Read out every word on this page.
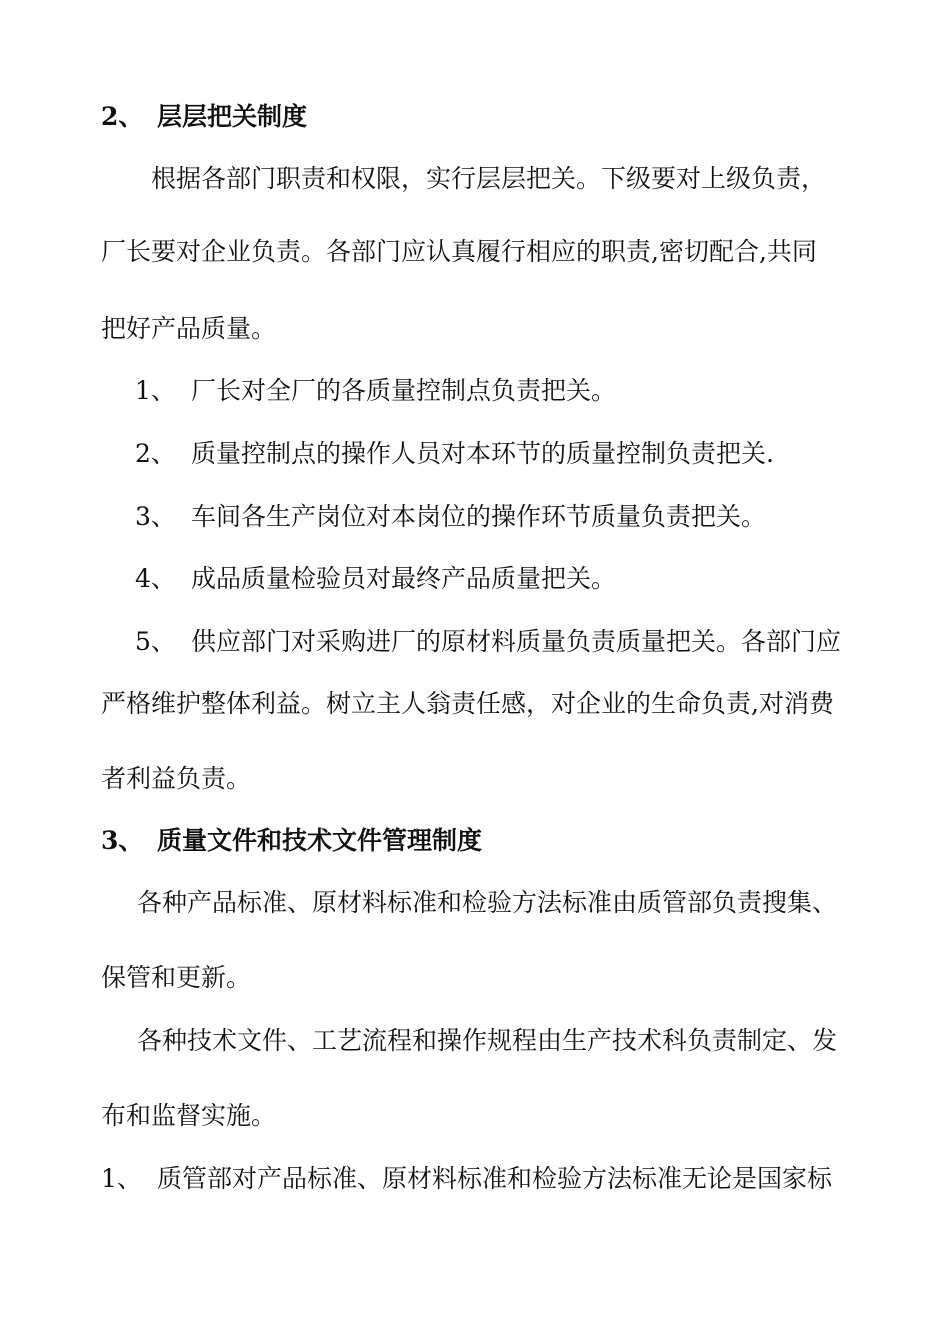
2、 层层把关制度
根据各部门职责和权限，实行层层把关。下级要对上级负责，
厂长要对企业负责。各部门应认真履行相应的职责,密切配合,共同
把好产品质量。
1、 厂长对全厂的各质量控制点负责把关。
2、 质量控制点的操作人员对本环节的质量控制负责把关.
3、 车间各生产岗位对本岗位的操作环节质量负责把关。
4、 成品质量检验员对最终产品质量把关。
5、 供应部门对采购进厂的原材料质量负责质量把关。各部门应
严格维护整体利益。树立主人翁责任感，对企业的生命负责,对消费
者利益负责。
3、 质量文件和技术文件管理制度
各种产品标准、原材料标准和检验方法标准由质管部负责搜集、
保管和更新。
各种技术文件、工艺流程和操作规程由生产技术科负责制定、发
布和监督实施。
1、 质管部对产品标准、原材料标准和检验方法标准无论是国家标
